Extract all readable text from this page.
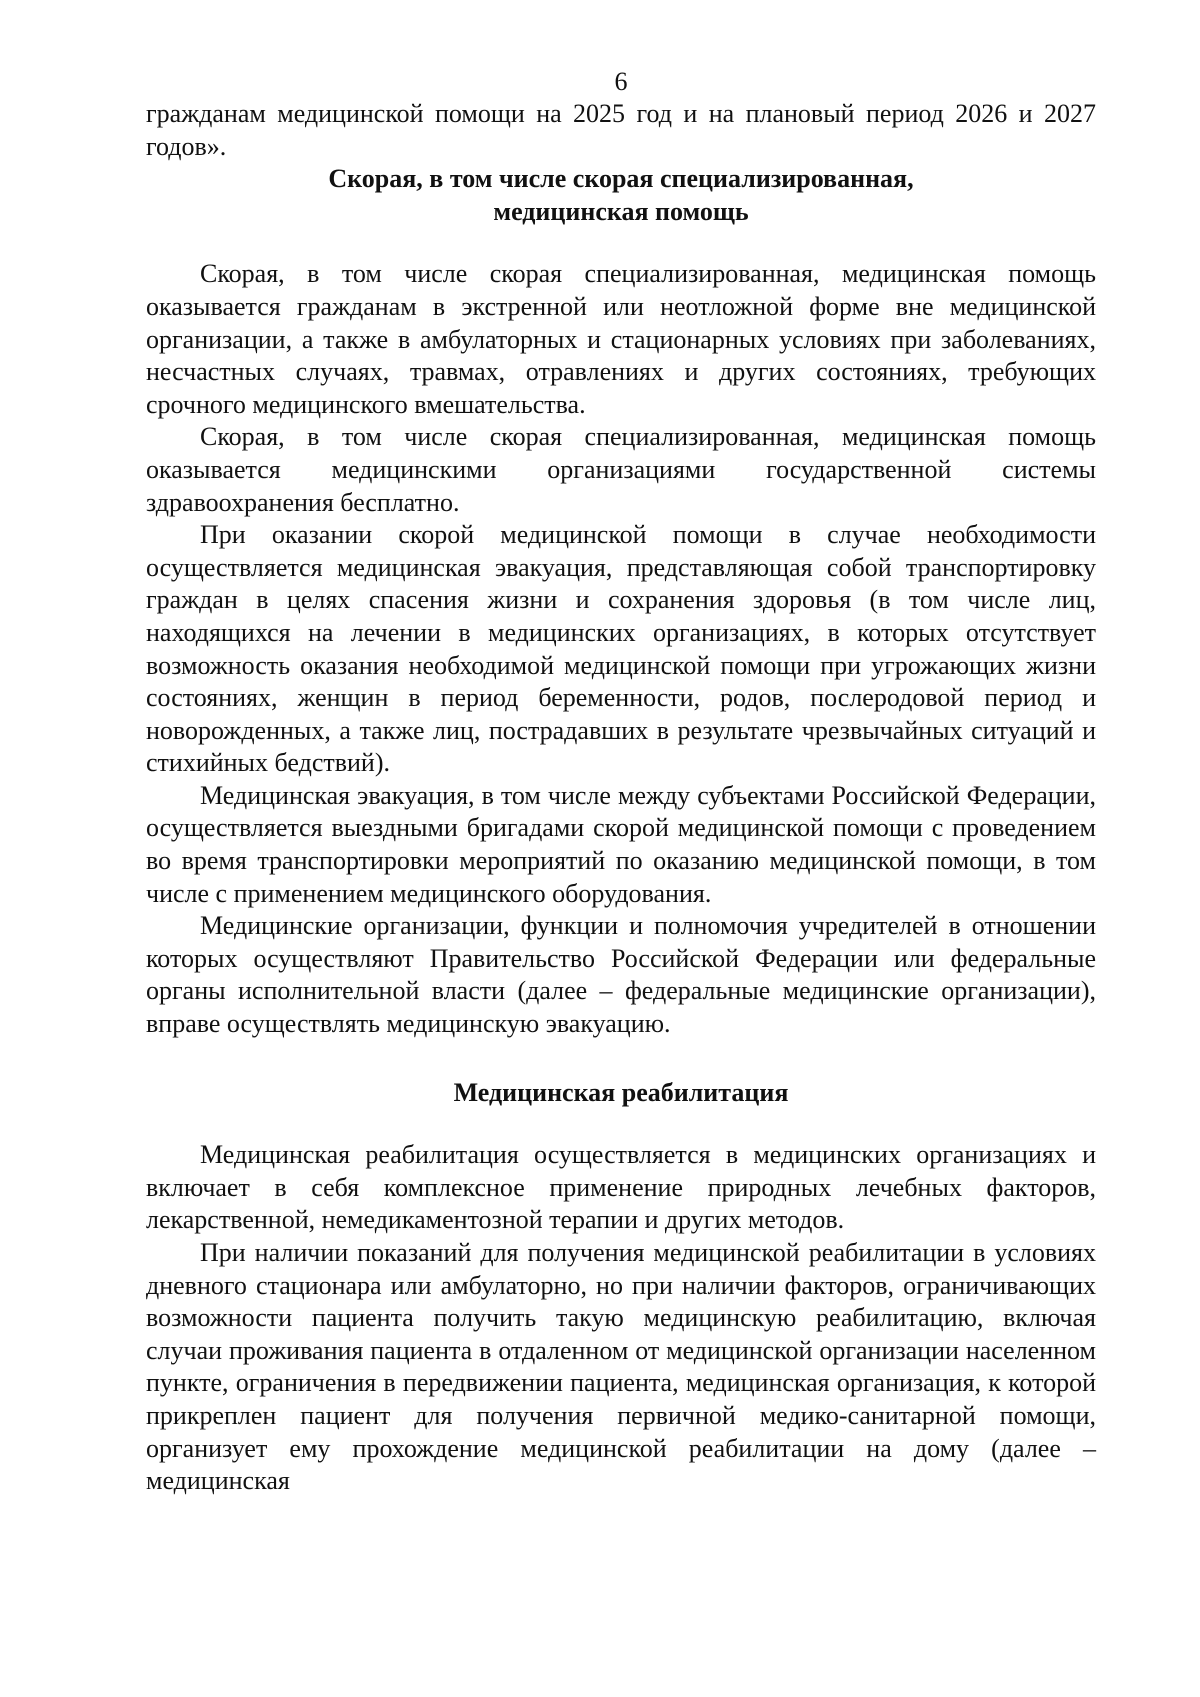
6

гражданам медицинской помощи на 2025 год и на плановый период 2026 и 2027 годов».

Скорая, в том числе скорая специализированная,
медицинская помощь

Скорая, в том числе скорая специализированная, медицинская помощь оказывается гражданам в экстренной или неотложной форме вне медицинской организации, а также в амбулаторных и стационарных условиях при заболеваниях, несчастных случаях, травмах, отравлениях и других состояниях, требующих срочного медицинского вмешательства.

Скорая, в том числе скорая специализированная, медицинская помощь оказывается медицинскими организациями государственной системы здравоохранения бесплатно.

При оказании скорой медицинской помощи в случае необходимости осуществляется медицинская эвакуация, представляющая собой транспортировку граждан в целях спасения жизни и сохранения здоровья (в том числе лиц, находящихся на лечении в медицинских организациях, в которых отсутствует возможность оказания необходимой медицинской помощи при угрожающих жизни состояниях, женщин в период беременности, родов, послеродовой период и новорожденных, а также лиц, пострадавших в результате чрезвычайных ситуаций и стихийных бедствий).

Медицинская эвакуация, в том числе между субъектами Российской Федерации, осуществляется выездными бригадами скорой медицинской помощи с проведением во время транспортировки мероприятий по оказанию медицинской помощи, в том числе с применением медицинского оборудования.

Медицинские организации, функции и полномочия учредителей в отношении которых осуществляют Правительство Российской Федерации или федеральные органы исполнительной власти (далее – федеральные медицинские организации), вправе осуществлять медицинскую эвакуацию.

Медицинская реабилитация

Медицинская реабилитация осуществляется в медицинских организациях и включает в себя комплексное применение природных лечебных факторов, лекарственной, немедикаментозной терапии и других методов.

При наличии показаний для получения медицинской реабилитации в условиях дневного стационара или амбулаторно, но при наличии факторов, ограничивающих возможности пациента получить такую медицинскую реабилитацию, включая случаи проживания пациента в отдаленном от медицинской организации населенном пункте, ограничения в передвижении пациента, медицинская организация, к которой прикреплен пациент для получения первичной медико-санитарной помощи, организует ему прохождение медицинской реабилитации на дому (далее – медицинская
